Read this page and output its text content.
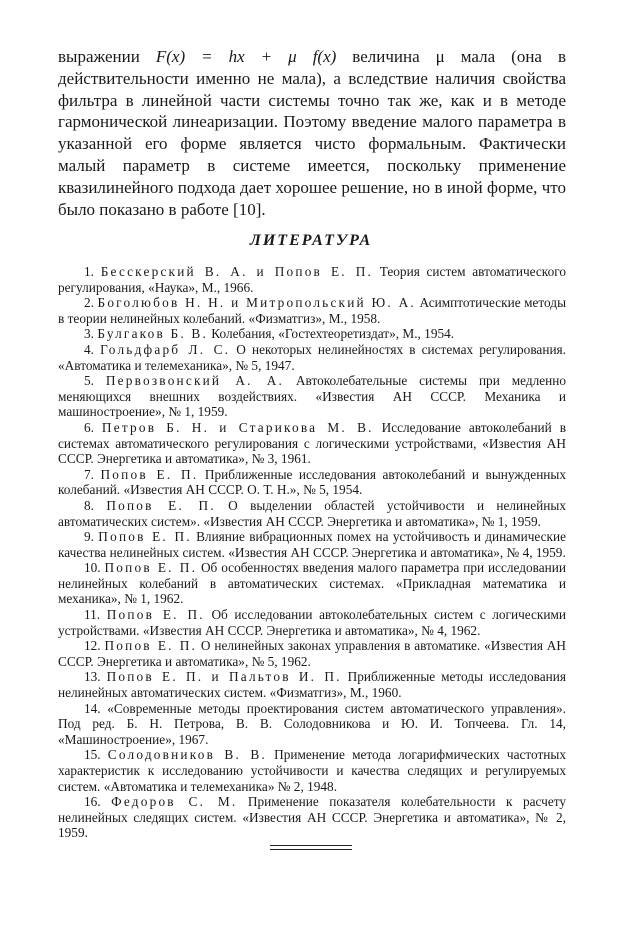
выражении F(x) = hx + μ f(x) величина μ мала (она в действительности именно не мала), а вследствие наличия свойства фильтра в линейной части системы точно так же, как и в методе гармонической линеаризации. Поэтому введение малого параметра в указанной его форме является чисто формальным. Фактически малый параметр в системе имеется, поскольку применение квазилинейного подхода дает хорошее решение, но в иной форме, что было показано в работе [10].

ЛИТЕРАТУРА
1. Бесскерский В. А. и Попов Е. П. Теория систем автоматического регулирования, «Наука», М., 1966.
2. Боголюбов Н. Н. и Митропольский Ю. А. Асимптотические методы в теории нелинейных колебаний. «Физматгиз», М., 1958.
3. Булгаков Б. В. Колебания, «Гостехтеоретиздат», М., 1954.
4. Гольдфарб Л. С. О некоторых нелинейностях в системах регулирования. «Автоматика и телемеханика», № 5, 1947.
5. Первозвонский А. А. Автоколебательные системы при медленно меняющихся внешних воздействиях. «Известия АН СССР. Механика и машиностроение», № 1, 1959.
6. Петров Б. Н. и Старикова М. В. Исследование автоколебаний в системах автоматического регулирования с логическими устройствами, «Известия АН СССР. Энергетика и автоматика», № 3, 1961.
7. Попов Е. П. Приближенные исследования автоколебаний и вынужденных колебаний. «Известия АН СССР. О. Т. Н.», № 5, 1954.
8. Попов Е. П. О выделении областей устойчивости и нелинейных автоматических систем». «Известия АН СССР. Энергетика и автоматика», № 1, 1959.
9. Попов Е. П. Влияние вибрационных помех на устойчивость и динамические качества нелинейных систем. «Известия АН СССР. Энергетика и автоматика», № 4, 1959.
10. Попов Е. П. Об особенностях введения малого параметра при исследовании нелинейных колебаний в автоматических системах. «Прикладная математика и механика», № 1, 1962.
11. Попов Е. П. Об исследовании автоколебательных систем с логическими устройствами. «Известия АН СССР. Энергетика и автоматика», № 4, 1962.
12. Попов Е. П. О нелинейных законах управления в автоматике. «Известия АН СССР. Энергетика и автоматика», № 5, 1962.
13. Попов Е. П. и Пальтов И. П. Приближенные методы исследования нелинейных автоматических систем. «Физматгиз», М., 1960.
14. «Современные методы проектирования систем автоматического управления». Под ред. Б. Н. Петрова, В. В. Солодовникова и Ю. И. Топчеева. Гл. 14, «Машиностроение», 1967.
15. Солодовников В. В. Применение метода логарифмических частотных характеристик к исследованию устойчивости и качества следящих и регулируемых систем. «Автоматика и телемеханика» № 2, 1948.
16. Федоров С. М. Применение показателя колебательности к расчету нелинейных следящих систем. «Известия АН СССР. Энергетика и автоматика», № 2, 1959.
